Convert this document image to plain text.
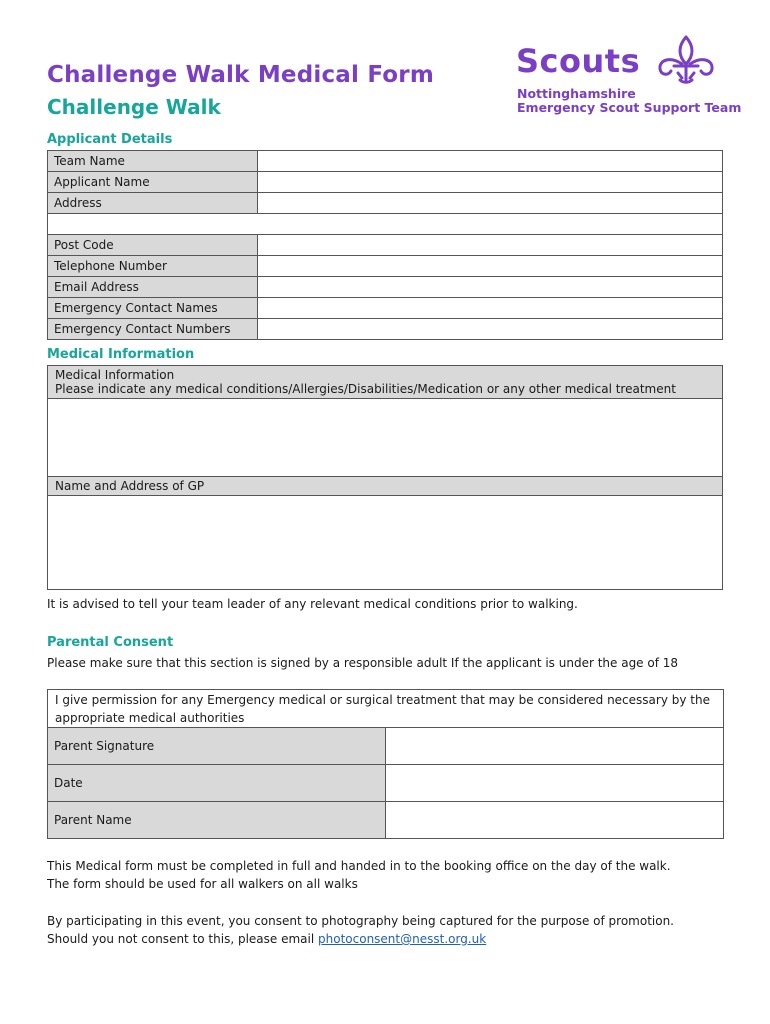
Challenge Walk Medical Form
Challenge Walk
Scouts
Nottinghamshire
Emergency Scout Support Team
Applicant Details
Team Name	
Applicant Name	
Address	

Post Code	
Telephone Number	
Email Address	
Emergency Contact Names	
Emergency Contact Numbers	
Medical Information
Medical Information
Please indicate any medical conditions/Allergies/Disabilities/Medication or any other medical treatment
Name and Address of GP
It is advised to tell your team leader of any relevant medical conditions prior to walking.
Parental Consent
Please make sure that this section is signed by a responsible adult If the applicant is under the age of 18
I give permission for any Emergency medical or surgical treatment that may be considered necessary by the appropriate medical authorities
Parent Signature	
Date	
Parent Name	
This Medical form must be completed in full and handed in to the booking office on the day of the walk.
The form should be used for all walkers on all walks
By participating in this event, you consent to photography being captured for the purpose of promotion.
Should you not consent to this, please email photoconsent@nesst.org.uk
